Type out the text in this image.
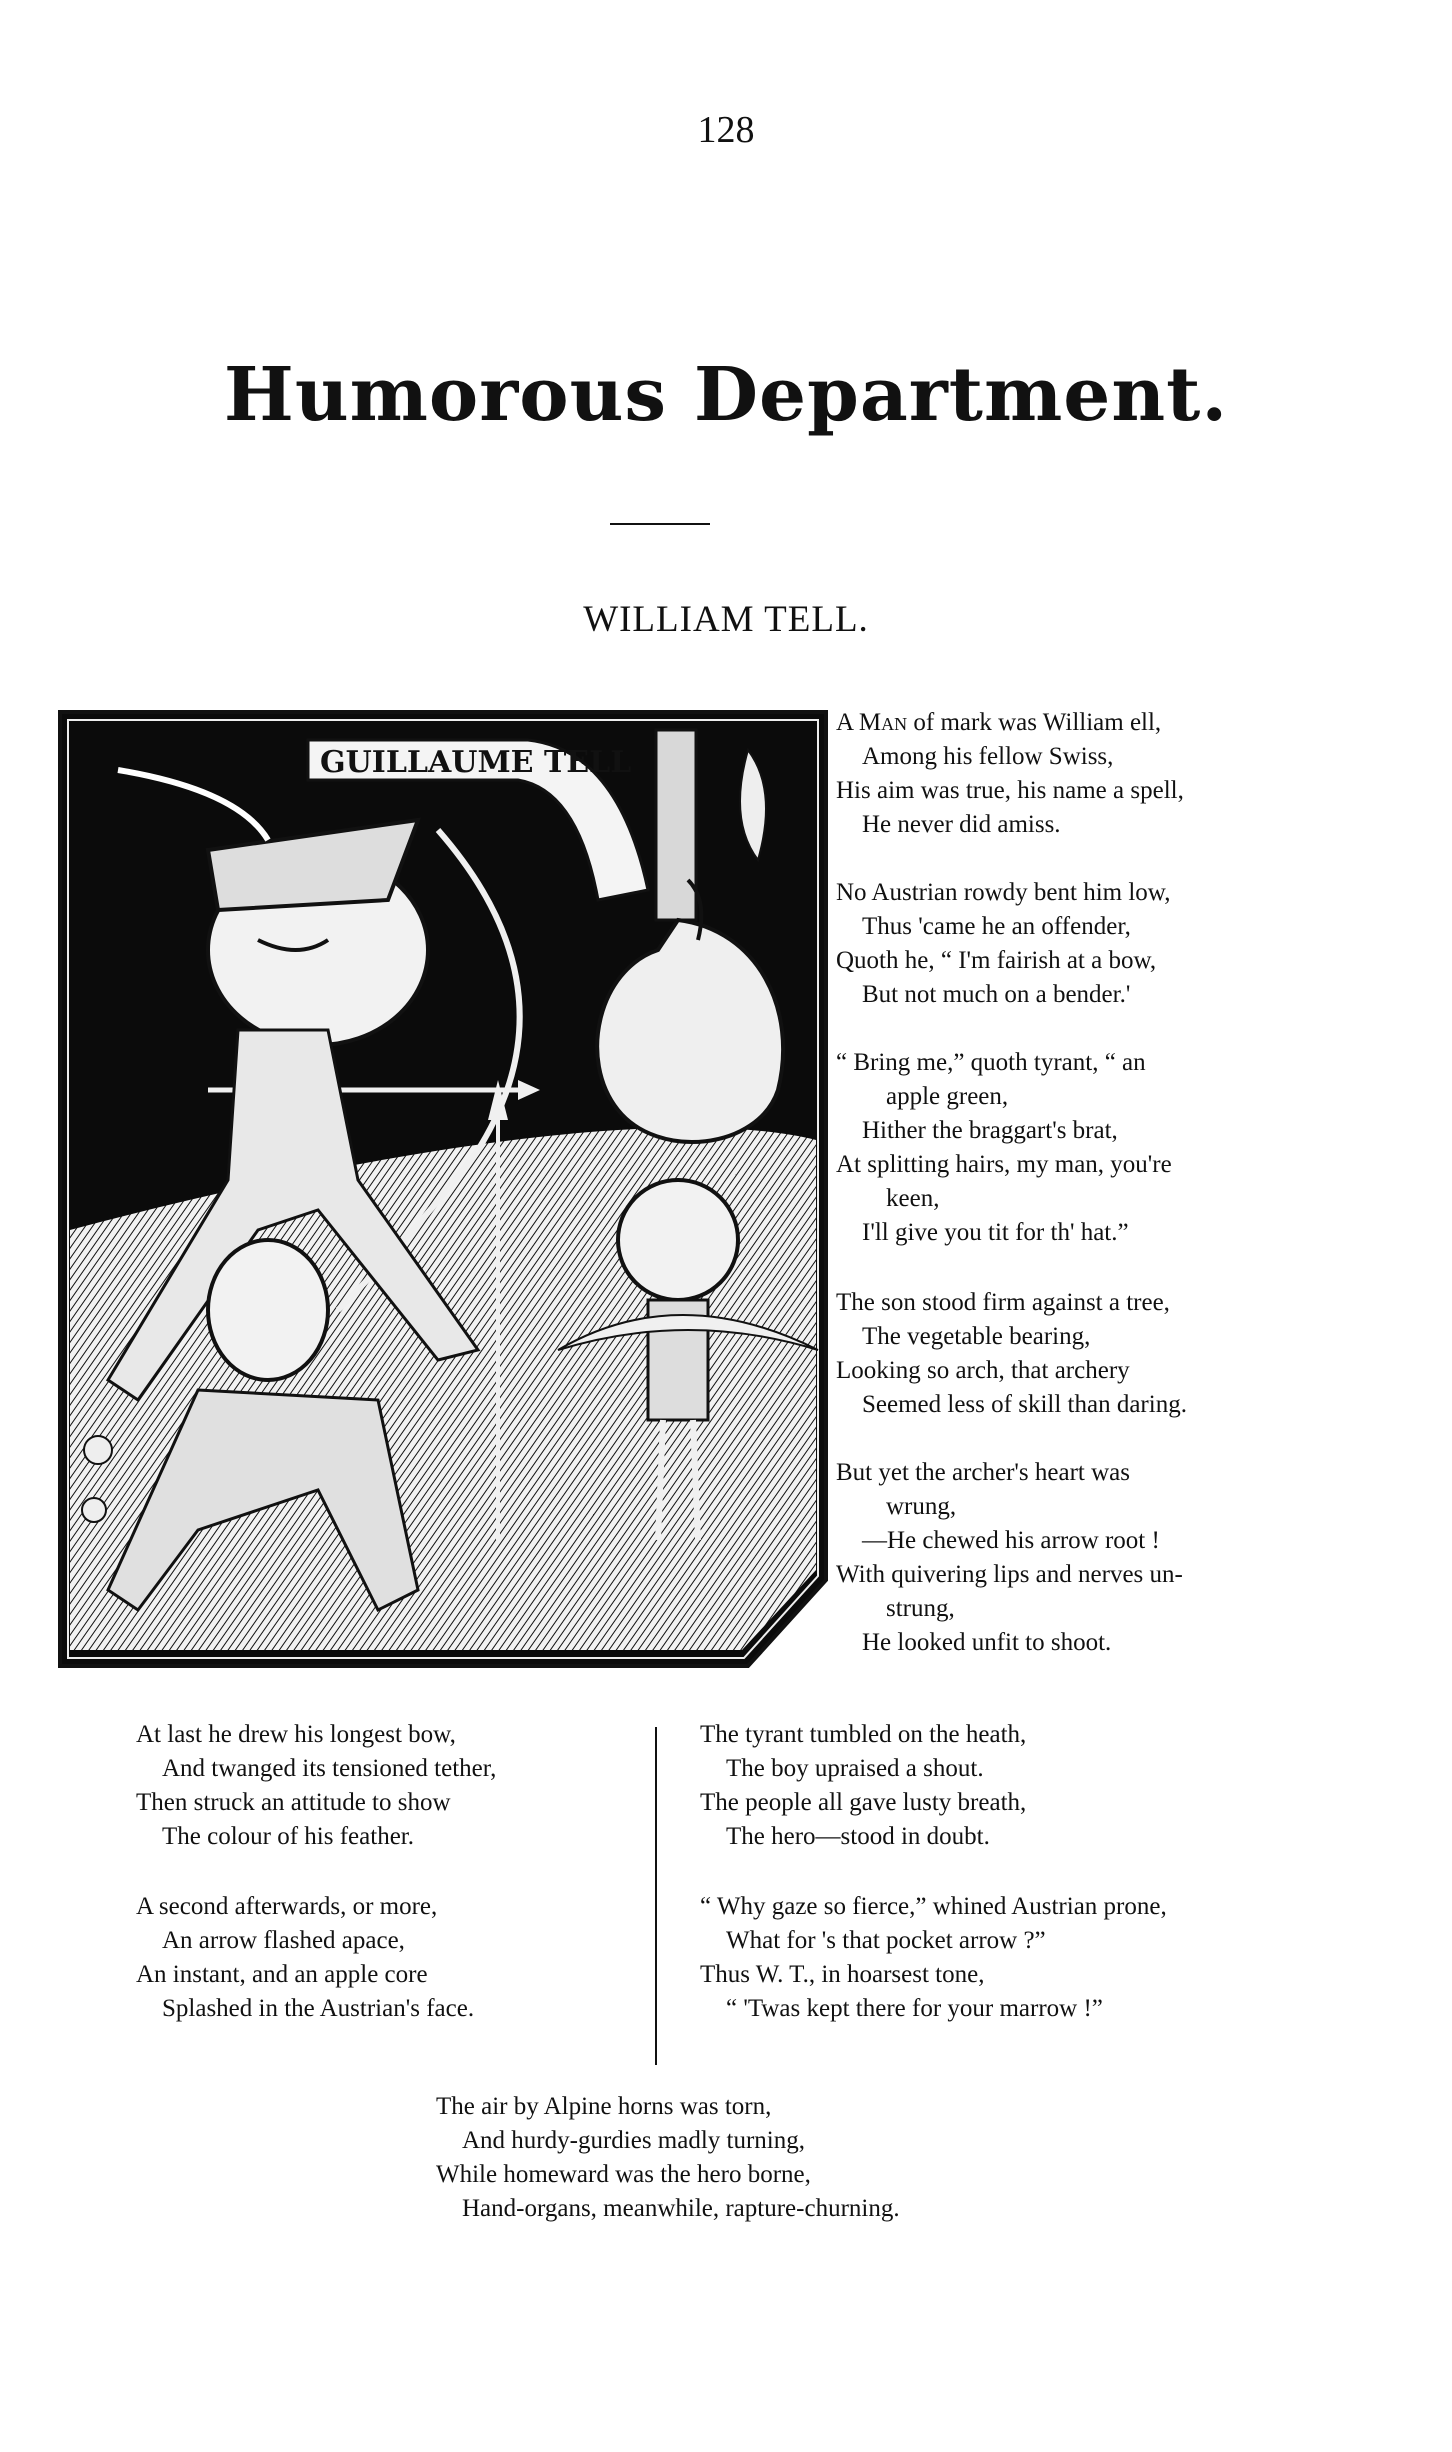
128
Humorous Department.
WILLIAM TELL.
GUILLAUME TELL
A Man of mark was William ell,
Among his fellow Swiss,
His aim was true, his name a spell,
He never did amiss.
No Austrian rowdy bent him low,
Thus 'came he an offender,
Quoth he, “ I'm fairish at a bow,
But not much on a bender.'
“ Bring me,” quoth tyrant, “ an
apple green,
Hither the braggart's brat,
At splitting hairs, my man, you're
keen,
I'll give you tit for th' hat.”
The son stood firm against a tree,
The vegetable bearing,
Looking so arch, that archery
Seemed less of skill than daring.
But yet the archer's heart was
wrung,
—He chewed his arrow root !
With quivering lips and nerves un-
strung,
He looked unfit to shoot.
At last he drew his longest bow,
And twanged its tensioned tether,
Then struck an attitude to show
The colour of his feather.
A second afterwards, or more,
An arrow flashed apace,
An instant, and an apple core
Splashed in the Austrian's face.
The tyrant tumbled on the heath,
The boy upraised a shout.
The people all gave lusty breath,
The hero—stood in doubt.
“ Why gaze so fierce,” whined Austrian prone,
What for 's that pocket arrow ?”
Thus W. T., in hoarsest tone,
“ 'Twas kept there for your marrow !”
The air by Alpine horns was torn,
And hurdy-gurdies madly turning,
While homeward was the hero borne,
Hand-organs, meanwhile, rapture-churning.
